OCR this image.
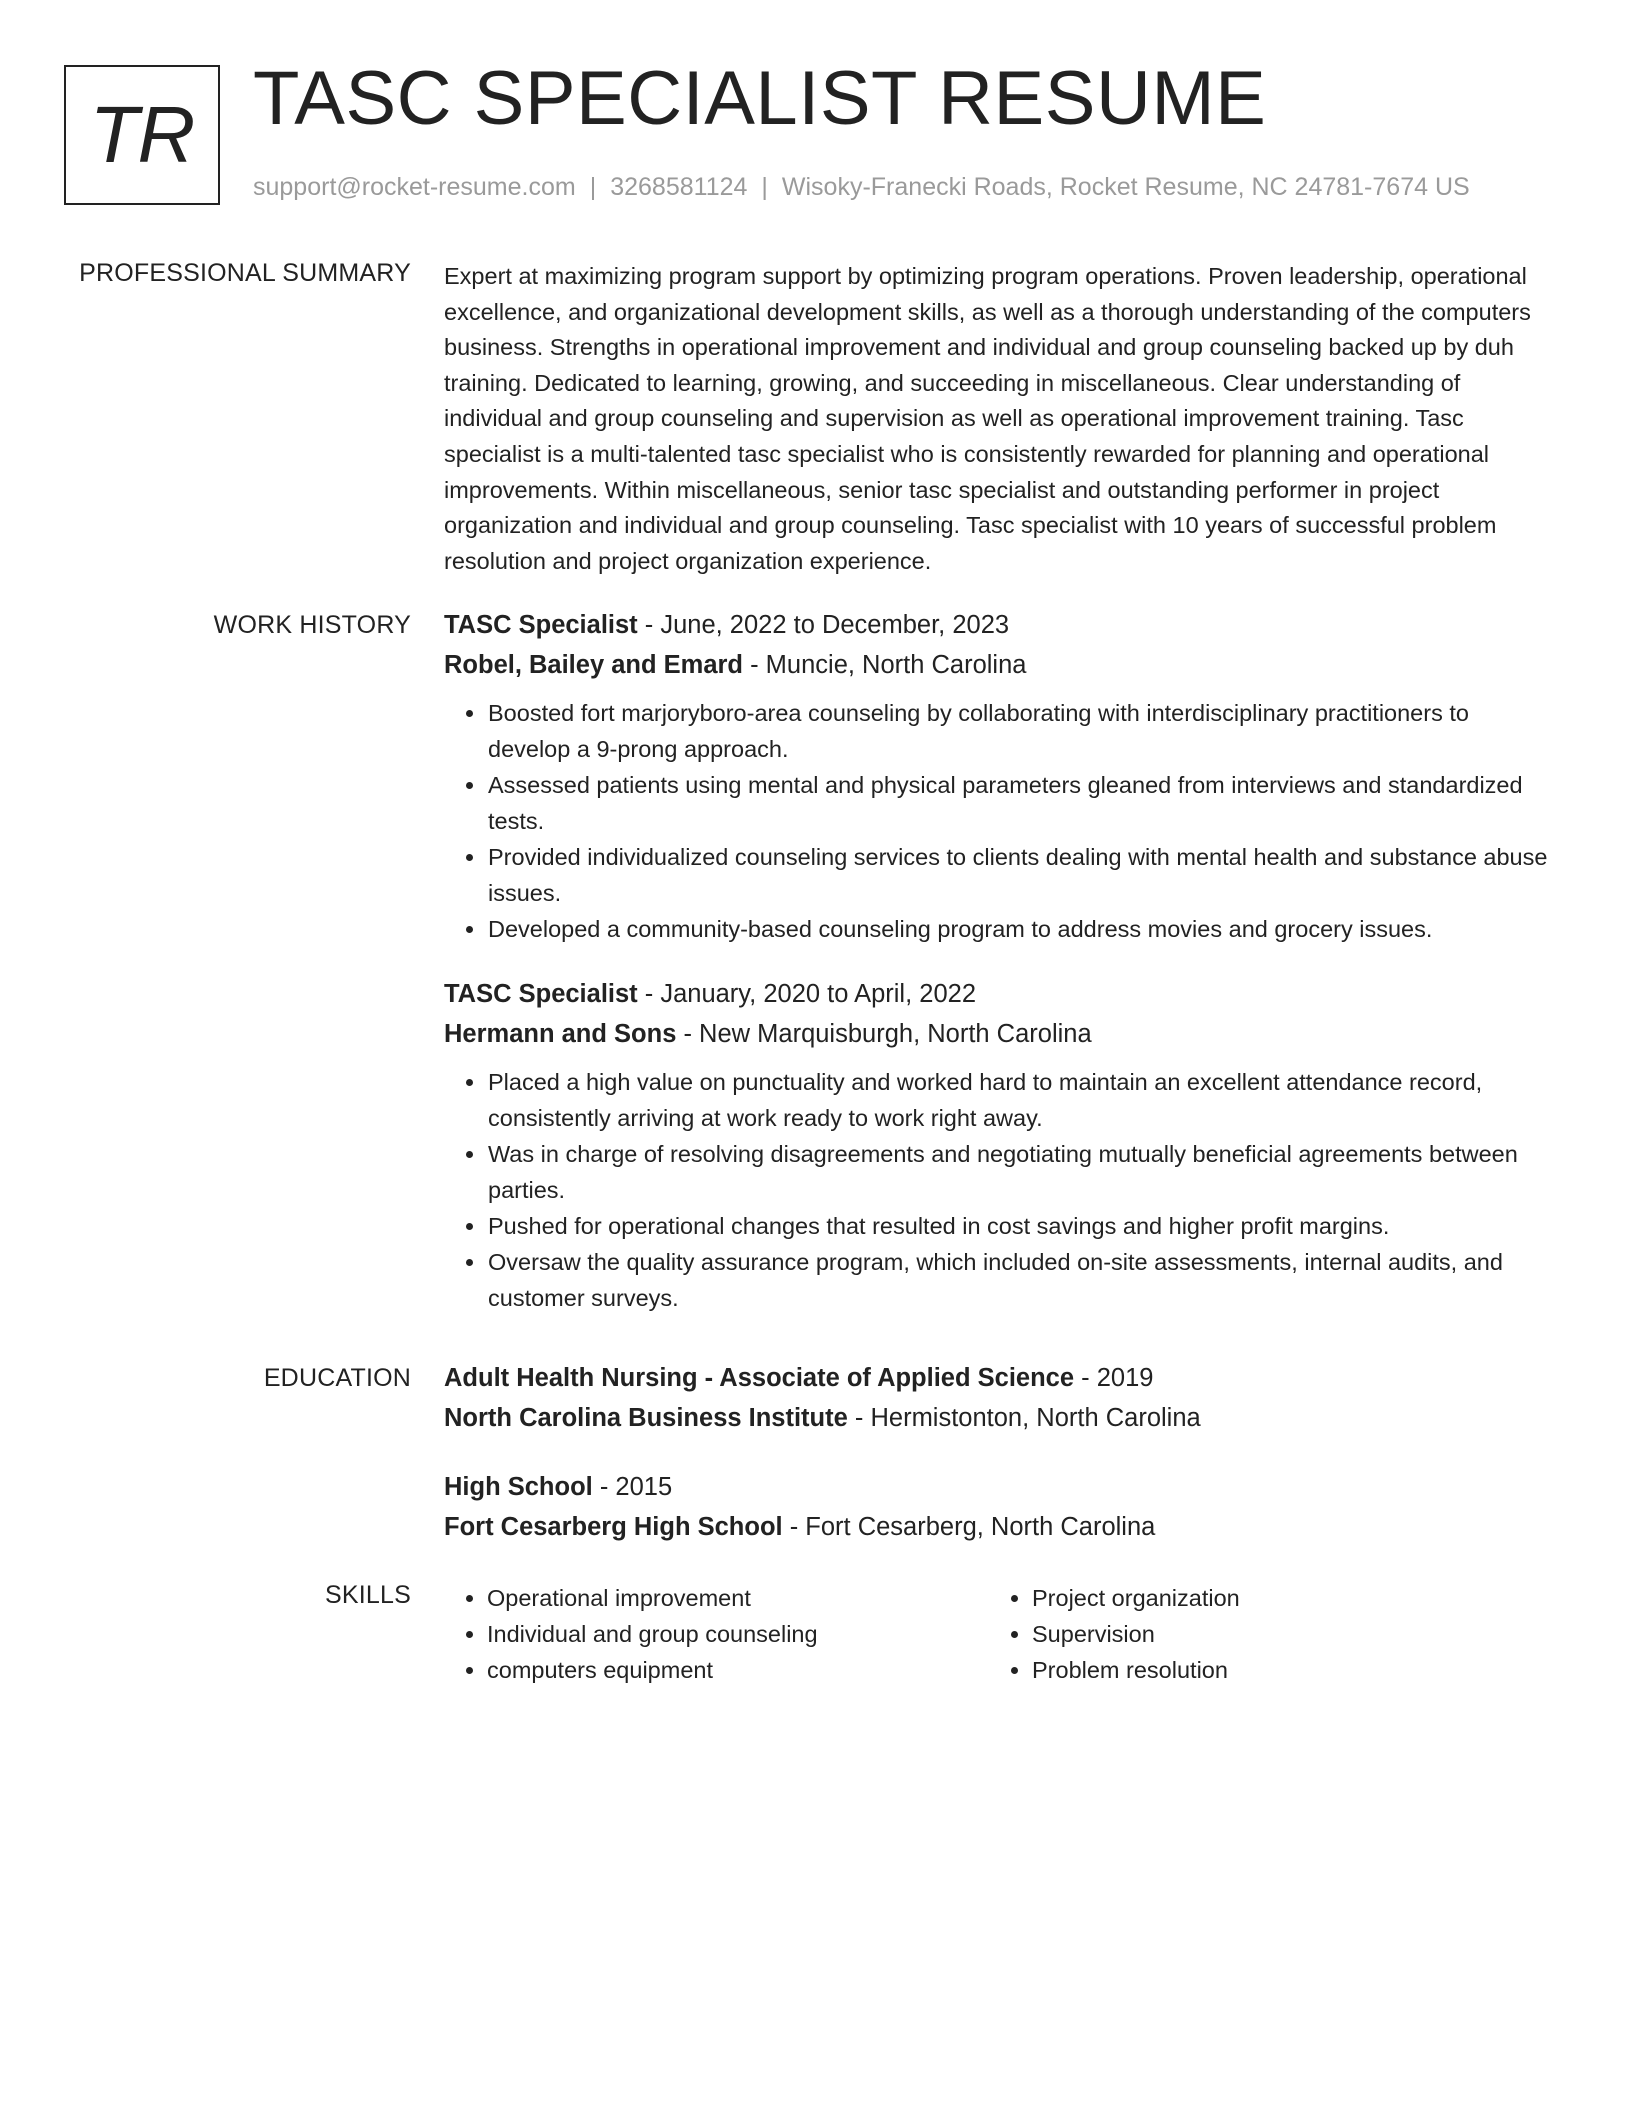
TR TASC SPECIALIST RESUME
support@rocket-resume.com | 3268581124 | Wisoky-Franecki Roads, Rocket Resume, NC 24781-7674 US
PROFESSIONAL SUMMARY Expert at maximizing program support by optimizing program operations. Proven leadership, operational excellence, and organizational development skills, as well as a thorough understanding of the computers business. Strengths in operational improvement and individual and group counseling backed up by duh training. Dedicated to learning, growing, and succeeding in miscellaneous. Clear understanding of individual and group counseling and supervision as well as operational improvement training. Tasc specialist is a multi-talented tasc specialist who is consistently rewarded for planning and operational improvements. Within miscellaneous, senior tasc specialist and outstanding performer in project organization and individual and group counseling. Tasc specialist with 10 years of successful problem resolution and project organization experience.

WORK HISTORY TASC Specialist - June, 2022 to December, 2023
Robel, Bailey and Emard - Muncie, North Carolina
• Boosted fort marjoryboro-area counseling by collaborating with interdisciplinary practitioners to develop a 9-prong approach.
• Assessed patients using mental and physical parameters gleaned from interviews and standardized tests.
• Provided individualized counseling services to clients dealing with mental health and substance abuse issues.
• Developed a community-based counseling program to address movies and grocery issues.
TASC Specialist - January, 2020 to April, 2022
Hermann and Sons - New Marquisburgh, North Carolina
• Placed a high value on punctuality and worked hard to maintain an excellent attendance record, consistently arriving at work ready to work right away.
• Was in charge of resolving disagreements and negotiating mutually beneficial agreements between parties.
• Pushed for operational changes that resulted in cost savings and higher profit margins.
• Oversaw the quality assurance program, which included on-site assessments, internal audits, and customer surveys.
EDUCATION Adult Health Nursing - Associate of Applied Science - 2019
North Carolina Business Institute - Hermistonton, North Carolina
High School - 2015
Fort Cesarberg High School - Fort Cesarberg, North Carolina
SKILLS
•	Operational improvement
• Individual and group counseling
• computers equipment
• Project organization
• Supervision
• Problem resolution
